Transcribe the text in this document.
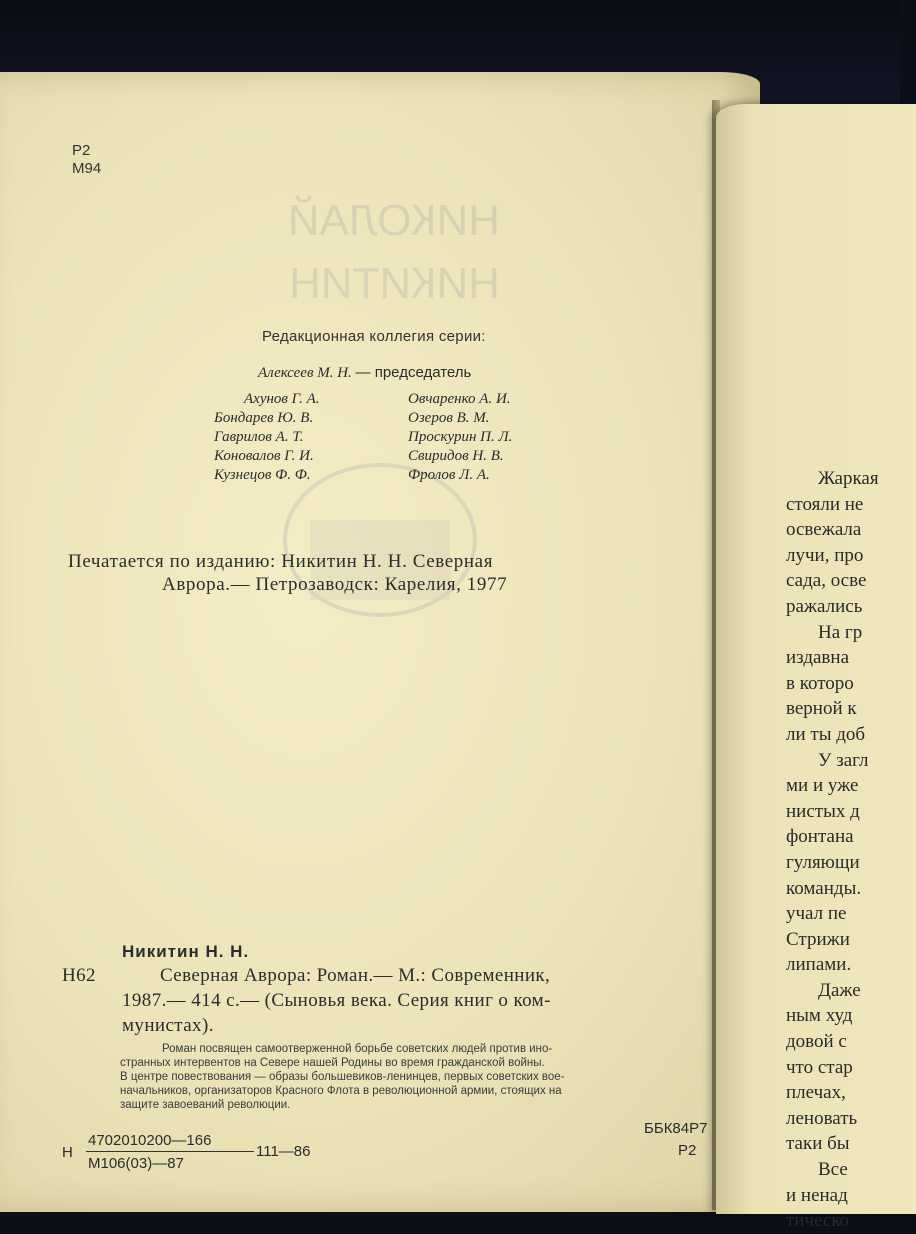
НИКОЛАЙ
НИКИТИН
Р2
М94
Редакционная коллегия серии:
Алексеев М. Н. — председатель
Ахунов Г. А.
Бондарев Ю. В.
Гаврилов А. Т.
Коновалов Г. И.
Кузнецов Ф. Ф.
Овчаренко А. И.
Озеров В. М.
Проскурин П. Л.
Свиридов Н. В.
Фролов Л. А.
Печатается по изданию: Никитин Н. Н. Северная
Аврора.— Петрозаводск: Карелия, 1977
Никитин Н. Н.
Н62	Северная Аврора: Роман.— М.: Современник,
1987.— 414 с.— (Сыновья века. Серия книг о ком-
мунистах).
Роман посвящен самоотверженной борьбе советских людей против ино-
странных интервентов на Севере нашей Родины во время гражданской войны.
В центре повествования — образы большевиков-ленинцев, первых советских вое-
начальников, организаторов Красного Флота в революционной армии, стоящих на
защите завоеваний революции.
Н
4702010200—166
М106(03)—87
111—86
ББК84Р7
Р2
Жаркая
стояли не
освежала
лучи, про
сада, осве
ражались
На гр
издавна
в которо
верной к
ли ты доб
У загл
ми и уже
нистых д
фонтана
гуляющи
команды.
учал пе
Стрижи
липами.
Даже
ным худ
довой с
что стар
плечах,
леновать
таки бы
Все
и ненад
тическо
